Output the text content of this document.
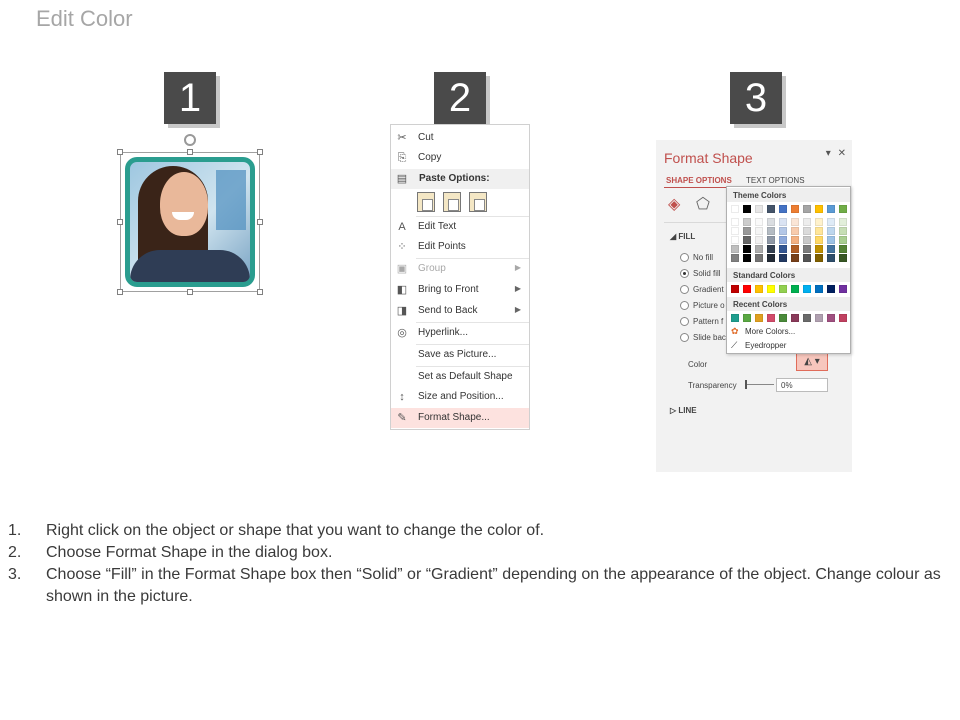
Edit Color
1	2	3
✂ Cut
⎘ Copy
▤ Paste Options:
A	Edit Text
⁘ Edit Points
▣ Group	▶
◧ Bring to Front	▶
◨ Send to Back	▶
◎ Hyperlink...
Save as Picture...
Set as Default Shape
↕	Size and Position...
✎ Format Shape...
Format Shape	▾ ✕
SHAPE OPTIONS TEXT OPTIONS
◈ ⬠
◢ FILL
No fill
Solid fill
Gradient
Picture o
Pattern f
Slide bac
Color	◭ ▾
Transparency	0%
▷ LINE
Theme Colors
Standard Colors
Recent Colors
✿ More Colors...
⟋ Eyedropper
1. Right click on the object or shape that you want to change the color of.
2. Choose Format Shape in the dialog box.
3. Choose “Fill” in the Format Shape box then “Solid” or “Gradient” depending on the appearance of the object. Change colour as shown in the picture.
